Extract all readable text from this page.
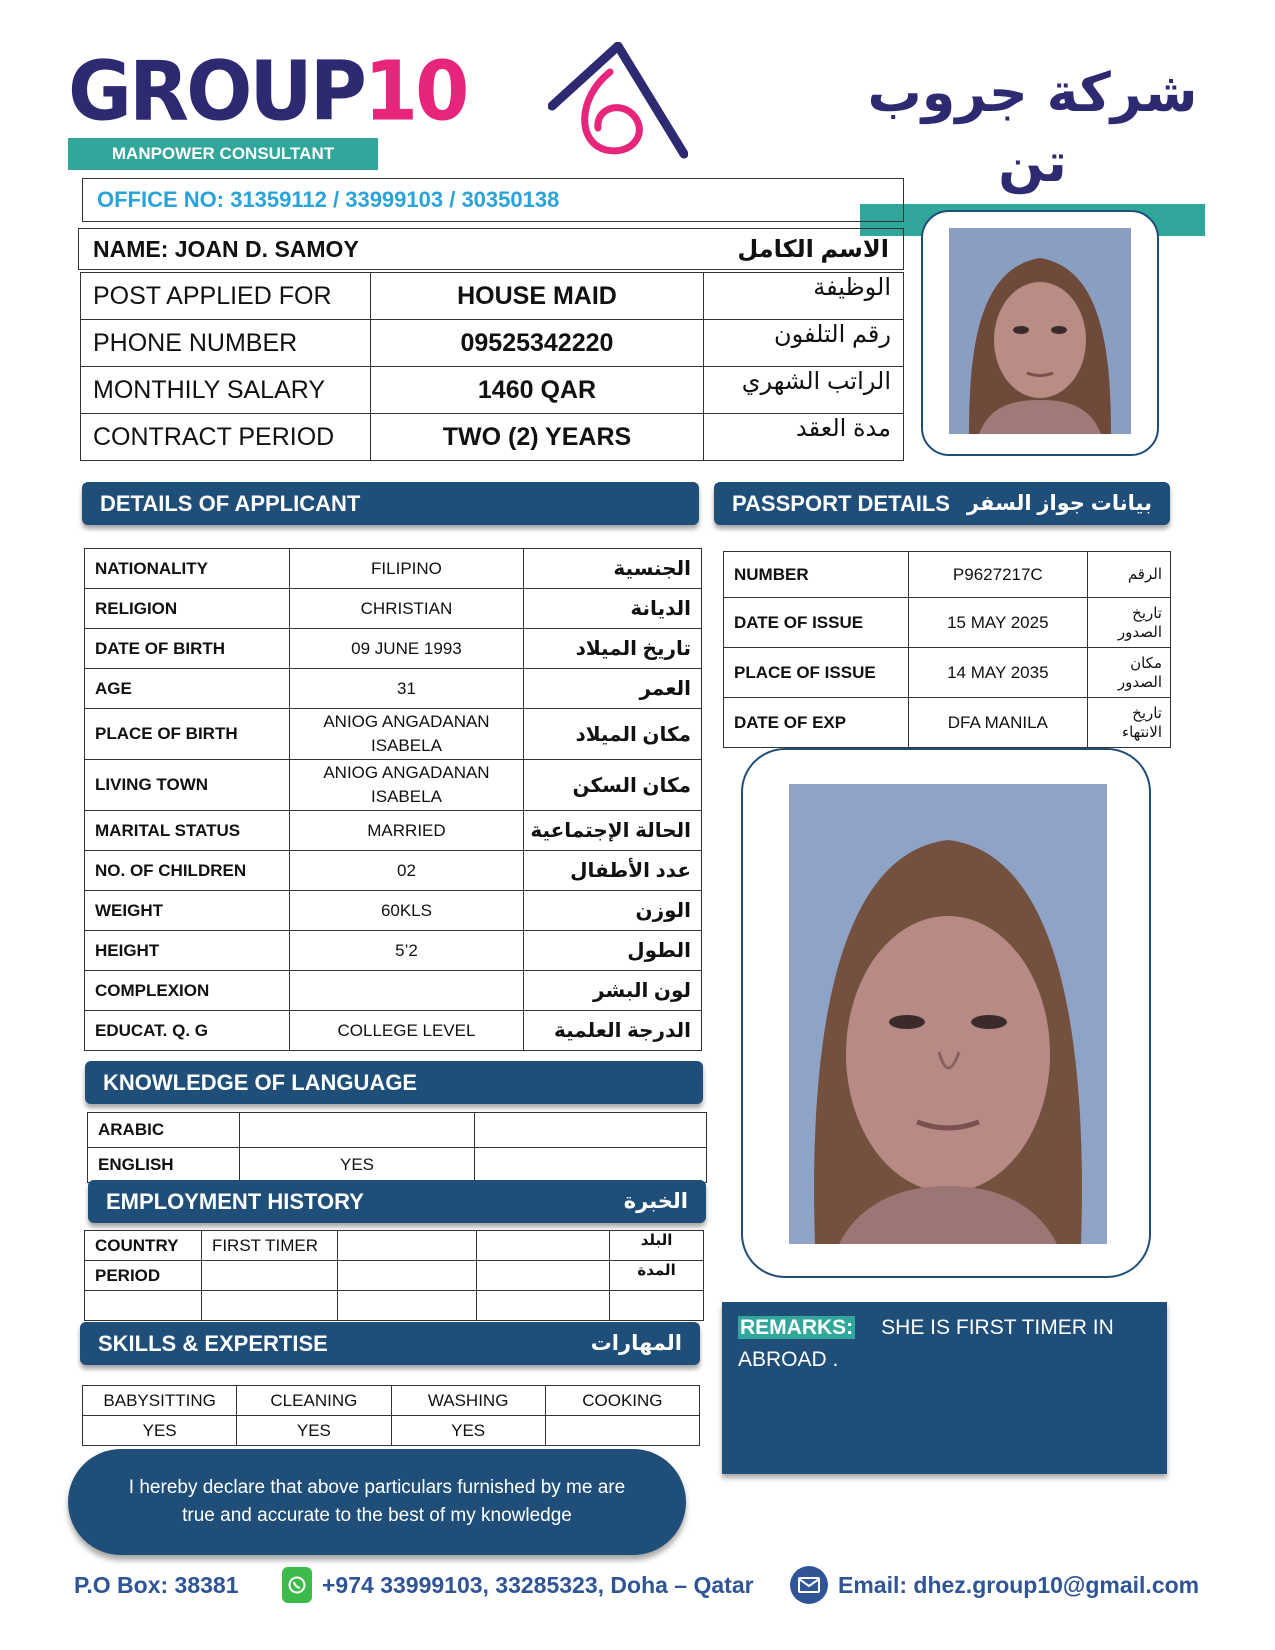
GROUP10
MANPOWER CONSULTANT
شركة جروب تن
OFFICE NO: 31359112 / 33999103 / 30350138
NAME: JOAN D. SAMOY	الاسم الكامل
POST APPLIED FOR	HOUSE MAID	الوظيفة
PHONE NUMBER	09525342220	رقم التلفون
MONTHILY SALARY	1460 QAR	الراتب الشهري
CONTRACT PERIOD	TWO (2) YEARS	مدة العقد
DETAILS OF APPLICANT
NATIONALITY	FILIPINO	الجنسية
RELIGION	CHRISTIAN	الديانة
DATE OF BIRTH	09 JUNE 1993	تاريخ الميلاد
AGE	31	العمر
PLACE OF BIRTH	ANIOG ANGADANAN ISABELA	مكان الميلاد
LIVING TOWN	ANIOG ANGADANAN ISABELA	مكان السكن
MARITAL STATUS	MARRIED	الحالة الإجتماعية
NO. OF CHILDREN	02	عدد الأطفال
WEIGHT	60KLS	الوزن
HEIGHT	5’2	الطول
COMPLEXION		لون البشر
EDUCAT. Q. G	COLLEGE LEVEL	الدرجة العلمية
PASSPORT DETAILS بيانات جواز السفر
NUMBER	P9627217C	الرقم
DATE OF ISSUE	15 MAY 2025	تاريخ الصدور
PLACE OF ISSUE	14 MAY 2035	مكان الصدور
DATE OF EXP	DFA MANILA	تاريخ الانتهاء
KNOWLEDGE OF LANGUAGE
ARABIC		
ENGLISH	YES	
EMPLOYMENT HISTORY	الخبرة
COUNTRY	FIRST TIMER			البلد
PERIOD				المدة

SKILLS & EXPERTISE	المهارات
BABYSITTING	CLEANING	WASHING	COOKING
YES	YES	YES	
REMARKS: SHE IS FIRST TIMER IN ABROAD .
I hereby declare that above particulars furnished by me are true and accurate to the best of my knowledge
P.O Box: 38381	+974 33999103, 33285323, Doha – Qatar	Email: dhez.group10@gmail.com
